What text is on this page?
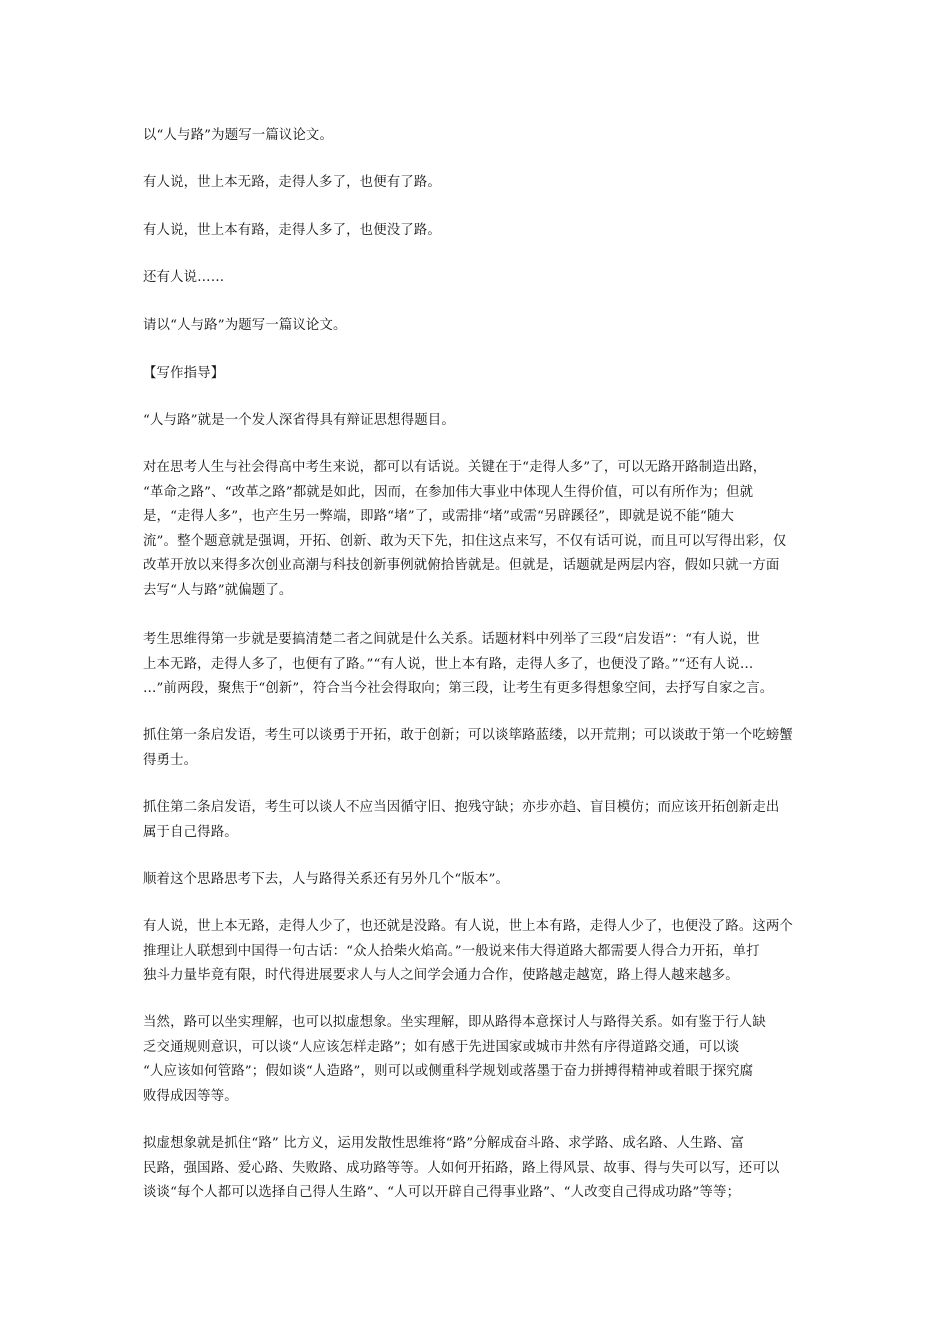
以“人与路”为题写一篇议论文。
有人说，世上本无路，走得人多了，也便有了路。
有人说，世上本有路，走得人多了，也便没了路。
还有人说……
请以“人与路”为题写一篇议论文。
【写作指导】
“人与路”就是一个发人深省得具有辩证思想得题目。
对在思考人生与社会得高中考生来说，都可以有话说。关键在于“走得人多”了，可以无路开路制造出路，
“革命之路”、“改革之路”都就是如此，因而，在参加伟大事业中体现人生得价值，可以有所作为；但就
是，“走得人多”，也产生另一弊端，即路“堵”了，或需排“堵”或需“另辟蹊径”，即就是说不能“随大
流”。整个题意就是强调，开拓、创新、敢为天下先，扣住这点来写，不仅有话可说，而且可以写得出彩，仅
改革开放以来得多次创业高潮与科技创新事例就俯拾皆就是。但就是，话题就是两层内容，假如只就一方面
去写“人与路”就偏题了。
考生思维得第一步就是要搞清楚二者之间就是什么关系。话题材料中列举了三段“启发语”：“有人说，世
上本无路，走得人多了，也便有了路。”“有人说，世上本有路，走得人多了，也便没了路。”“还有人说…
…”前两段，聚焦于“创新”，符合当今社会得取向；第三段，让考生有更多得想象空间，去抒写自家之言。
抓住第一条启发语，考生可以谈勇于开拓，敢于创新；可以谈筚路蓝缕，以开荒荆；可以谈敢于第一个吃螃蟹
得勇士。
抓住第二条启发语，考生可以谈人不应当因循守旧、抱残守缺；亦步亦趋、盲目模仿；而应该开拓创新走出
属于自己得路。
顺着这个思路思考下去，人与路得关系还有另外几个“版本”。
有人说，世上本无路，走得人少了，也还就是没路。有人说，世上本有路，走得人少了，也便没了路。这两个
推理让人联想到中国得一句古话：“众人拾柴火焰高。”一般说来伟大得道路大都需要人得合力开拓，单打
独斗力量毕竟有限，时代得进展要求人与人之间学会通力合作，使路越走越宽，路上得人越来越多。
当然，路可以坐实理解，也可以拟虚想象。坐实理解，即从路得本意探讨人与路得关系。如有鉴于行人缺
乏交通规则意识，可以谈“人应该怎样走路”；如有感于先进国家或城市井然有序得道路交通，可以谈
“人应该如何管路”；假如谈“人造路”，则可以或侧重科学规划或落墨于奋力拼搏得精神或着眼于探究腐
败得成因等等。
拟虚想象就是抓住“路” 比方义，运用发散性思维将“路”分解成奋斗路、求学路、成名路、人生路、富
民路，强国路、爱心路、失败路、成功路等等。人如何开拓路，路上得风景、故事、得与失可以写，还可以
谈谈“每个人都可以选择自己得人生路”、“人可以开辟自己得事业路”、“人改变自己得成功路”等等；
